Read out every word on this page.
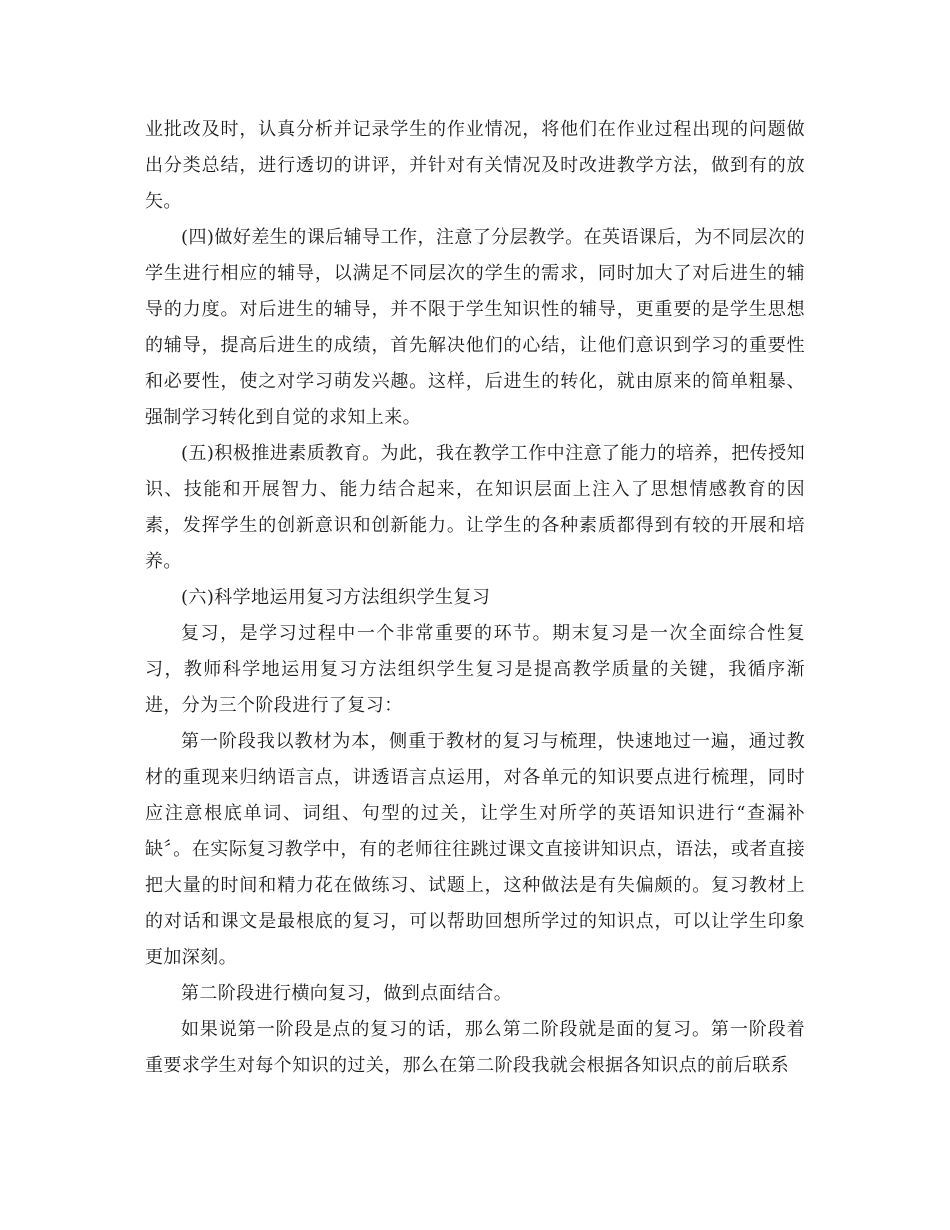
业批改及时，认真分析并记录学生的作业情况，将他们在作业过程出现的问题做出分类总结，进行透切的讲评，并针对有关情况及时改进教学方法，做到有的放矢。

(四)做好差生的课后辅导工作，注意了分层教学。在英语课后，为不同层次的学生进行相应的辅导，以满足不同层次的学生的需求，同时加大了对后进生的辅导的力度。对后进生的辅导，并不限于学生知识性的辅导，更重要的是学生思想的辅导，提高后进生的成绩，首先解决他们的心结，让他们意识到学习的重要性和必要性，使之对学习萌发兴趣。这样，后进生的转化，就由原来的简单粗暴、强制学习转化到自觉的求知上来。

(五)积极推进素质教育。为此，我在教学工作中注意了能力的培养，把传授知识、技能和开展智力、能力结合起来，在知识层面上注入了思想情感教育的因素，发挥学生的创新意识和创新能力。让学生的各种素质都得到有较的开展和培养。

(六)科学地运用复习方法组织学生复习

复习，是学习过程中一个非常重要的环节。期末复习是一次全面综合性复习，教师科学地运用复习方法组织学生复习是提高教学质量的关键，我循序渐进，分为三个阶段进行了复习：

第一阶段我以教材为本，侧重于教材的复习与梳理，快速地过一遍，通过教材的重现来归纳语言点，讲透语言点运用，对各单元的知识要点进行梳理，同时应注意根底单词、词组、句型的过关，让学生对所学的英语知识进行“查漏补缺〞。在实际复习教学中，有的老师往往跳过课文直接讲知识点，语法，或者直接把大量的时间和精力花在做练习、试题上，这种做法是有失偏颇的。复习教材上的对话和课文是最根底的复习，可以帮助回想所学过的知识点，可以让学生印象更加深刻。

第二阶段进行横向复习，做到点面结合。

如果说第一阶段是点的复习的话，那么第二阶段就是面的复习。第一阶段着重要求学生对每个知识的过关，那么在第二阶段我就会根据各知识点的前后联系
